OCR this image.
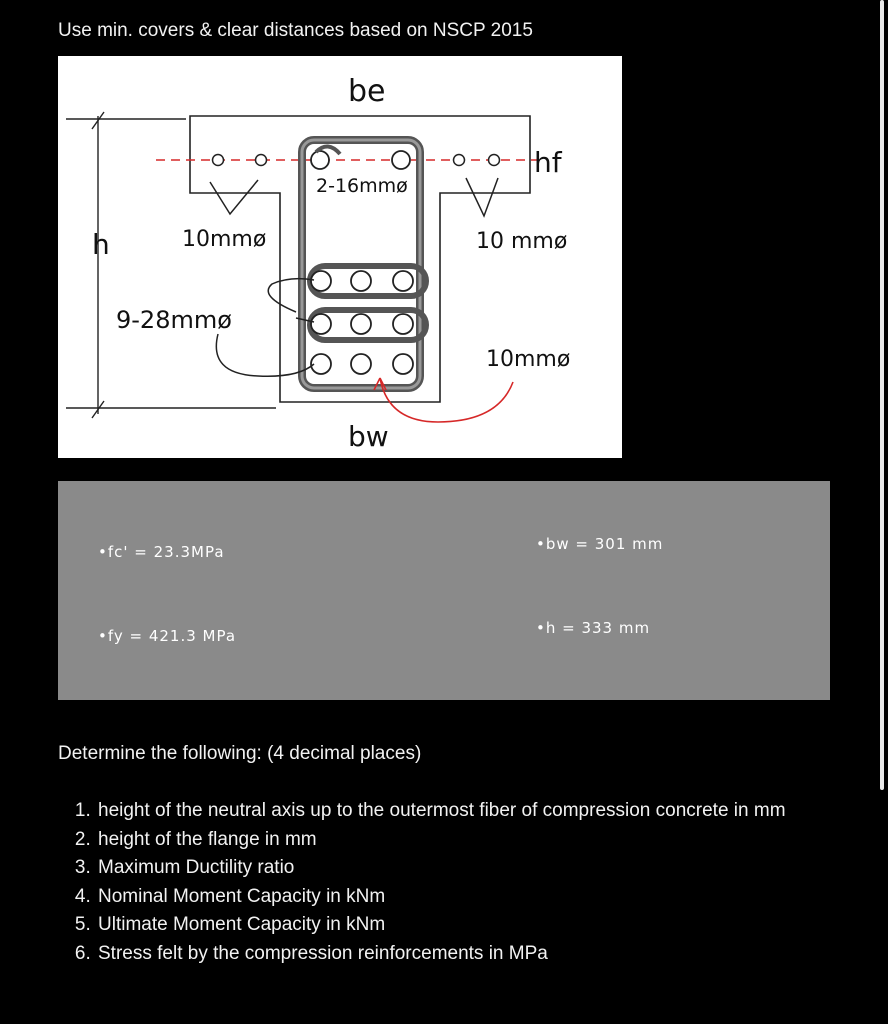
Use min. covers & clear distances based on NSCP 2015
be
hf
h
bw
2-16mmø
10mmø	10 mmø
9-28mmø
10mmø
•fc' = 23.3MPa
•fy = 421.3 MPa
•bw = 301 mm
•h = 333 mm
Determine the following: (4 decimal places)
1. height of the neutral axis up to the outermost fiber of compression concrete in mm
2. height of the flange in mm
3. Maximum Ductility ratio
4. Nominal Moment Capacity in kNm
5. Ultimate Moment Capacity in kNm
6. Stress felt by the compression reinforcements in MPa
